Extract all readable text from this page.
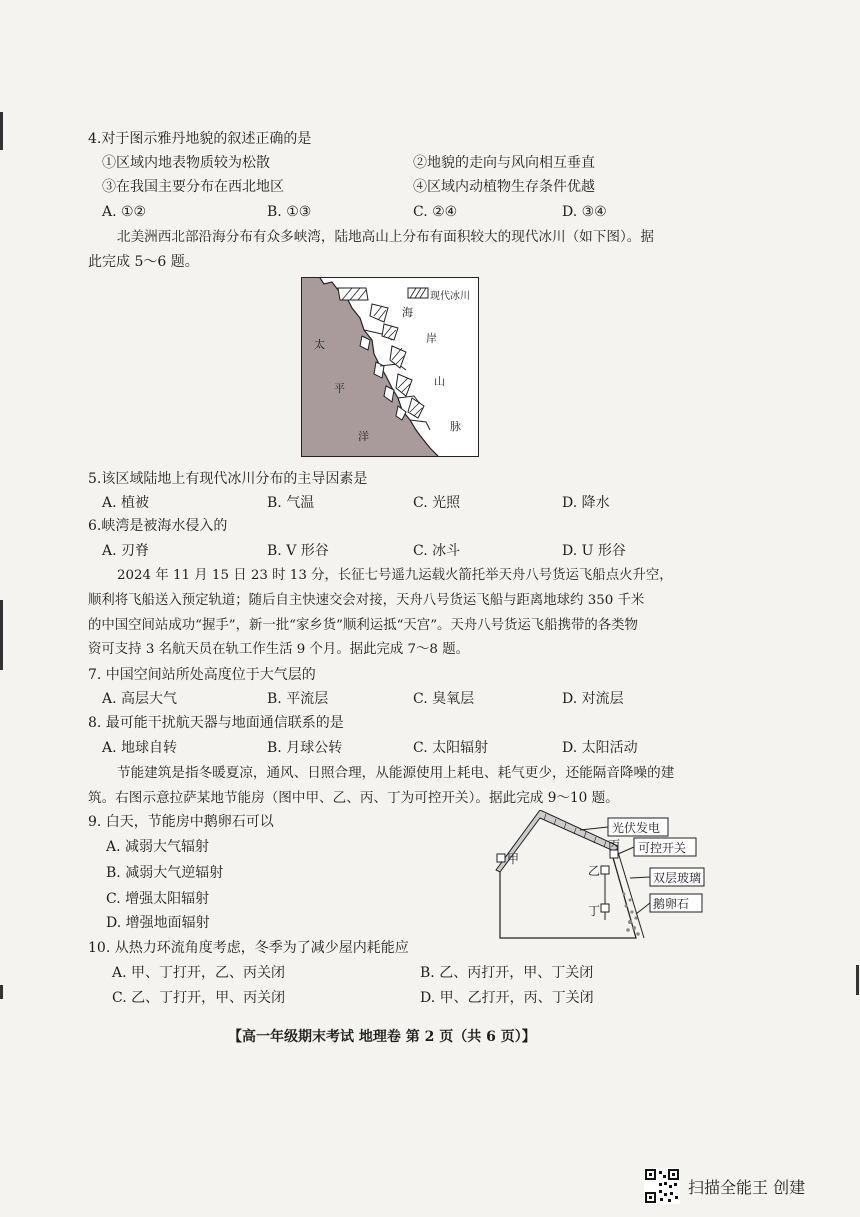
4.对于图示雅丹地貌的叙述正确的是
①区域内地表物质较为松散	②地貌的走向与风向相互垂直
③在我国主要分布在西北地区	④区域内动植物生存条件优越
A. ①②	B. ①③	C. ②④	D. ③④
北美洲西北部沿海分布有众多峡湾，陆地高山上分布有面积较大的现代冰川（如下图）。据
此完成 5～6 题。
现代冰川
海
岸
山
脉
太
平
洋
5.该区域陆地上有现代冰川分布的主导因素是
A. 植被	B. 气温	C. 光照	D. 降水
6.峡湾是被海水侵入的
A. 刃脊	B. V 形谷	C. 冰斗	D. U 形谷
2024 年 11 月 15 日 23 时 13 分，长征七号遥九运载火箭托举天舟八号货运飞船点火升空，
顺利将飞船送入预定轨道；随后自主快速交会对接，天舟八号货运飞船与距离地球约 350 千米
的中国空间站成功“握手”，新一批“家乡货”顺利运抵“天宫”。天舟八号货运飞船携带的各类物
资可支持 3 名航天员在轨工作生活 9 个月。据此完成 7～8 题。
7. 中国空间站所处高度位于大气层的
A. 高层大气	B. 平流层	C. 臭氧层	D. 对流层
8. 最可能干扰航天器与地面通信联系的是
A. 地球自转	B. 月球公转	C. 太阳辐射	D. 太阳活动
节能建筑是指冬暖夏凉，通风、日照合理，从能源使用上耗电、耗气更少，还能隔音降噪的建
筑。右图示意拉萨某地节能房（图中甲、乙、丙、丁为可控开关）。据此完成 9～10 题。
9. 白天，节能房中鹅卵石可以
A. 减弱大气辐射
B. 减弱大气逆辐射
C. 增强太阳辐射
D. 增强地面辐射
光伏发电
可控开关
双层玻璃
鹅卵石
甲
丙
乙
丁
10. 从热力环流角度考虑，冬季为了减少屋内耗能应
A. 甲、丁打开，乙、丙关闭	B. 乙、丙打开，甲、丁关闭
C. 乙、丁打开，甲、丙关闭	D. 甲、乙打开，丙、丁关闭
【高一年级期末考试 地理卷 第 2 页（共 6 页）】
扫描全能王 创建
